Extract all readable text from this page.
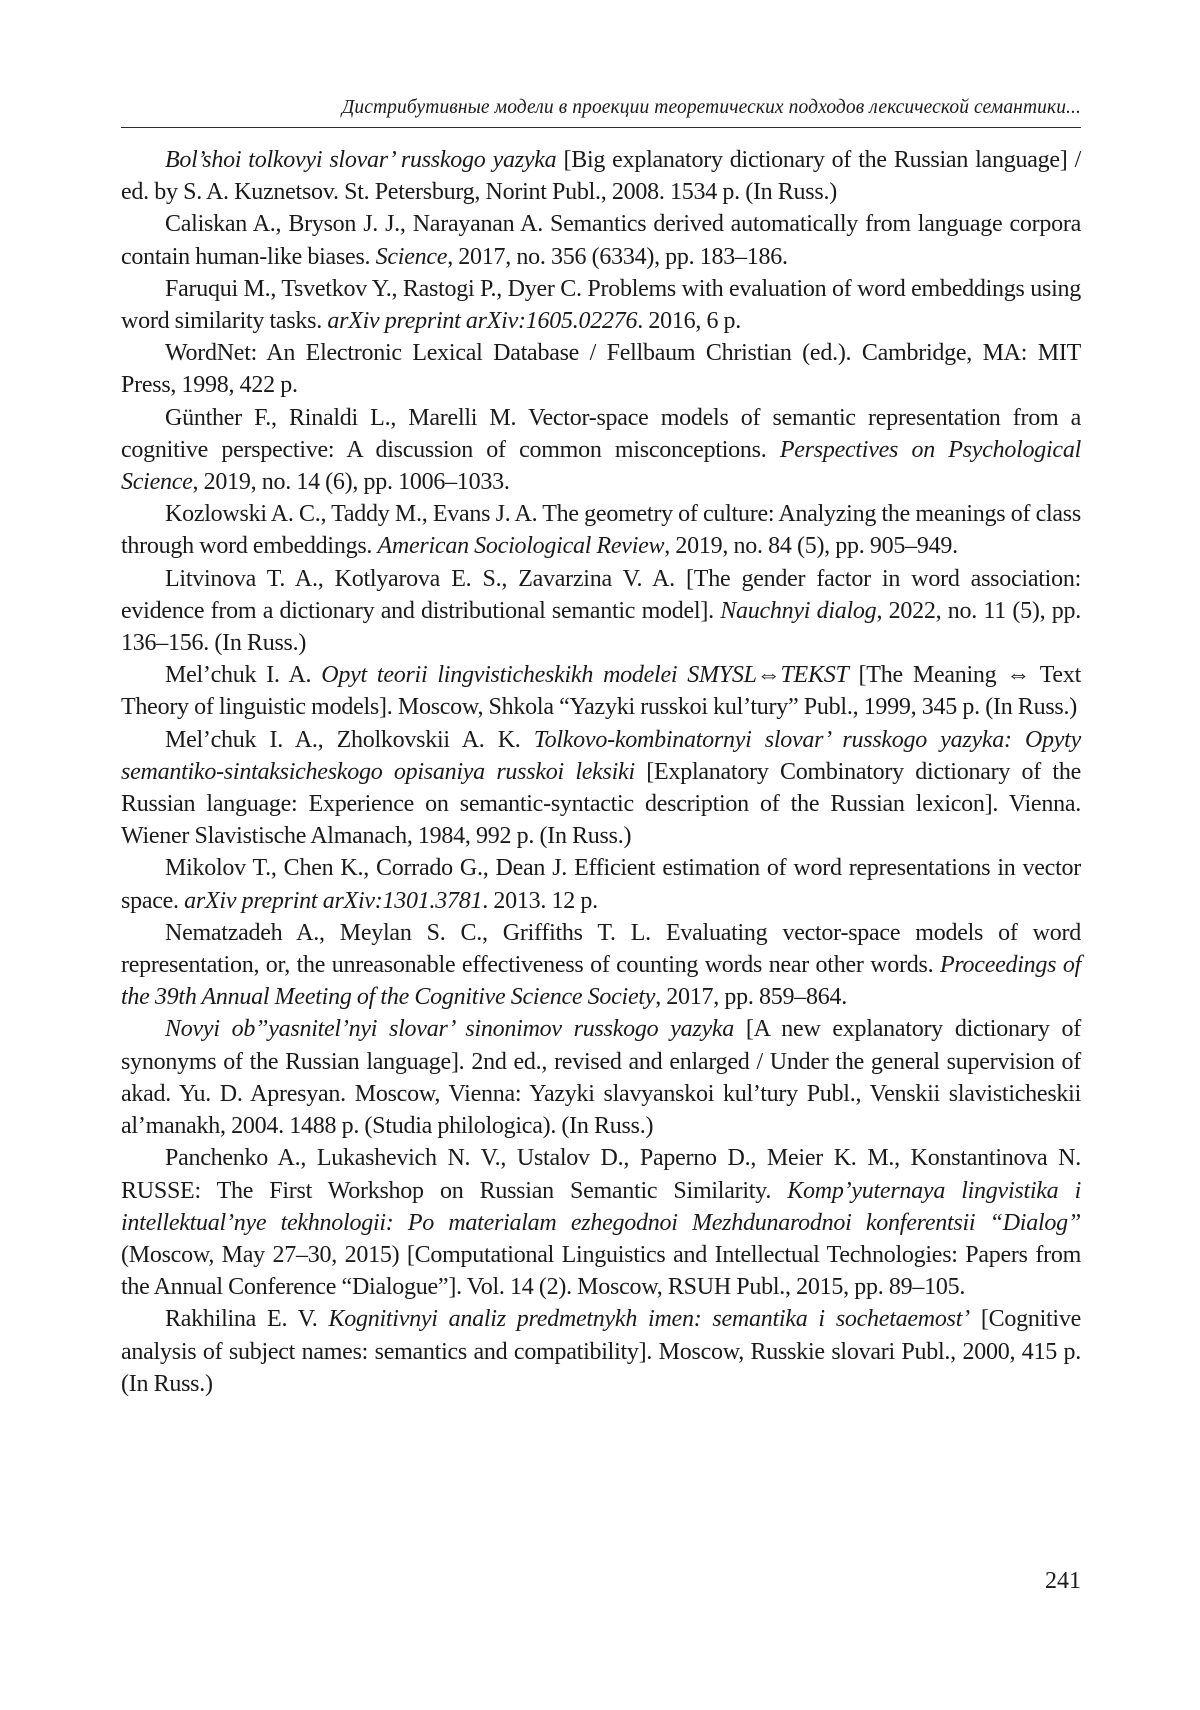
Дистрибутивные модели в проекции теоретических подходов лексической семантики...

Bol’shoi tolkovyi slovar’ russkogo yazyka [Big explanatory dictionary of the Russian language] / ed. by S. A. Kuznetsov. St. Petersburg, Norint Publ., 2008. 1534 p. (In Russ.)

Caliskan A., Bryson J. J., Narayanan A. Semantics derived automatically from language corpora contain human-like biases. Science, 2017, no. 356 (6334), pp. 183–186.

Faruqui M., Tsvetkov Y., Rastogi P., Dyer C. Problems with evaluation of word embeddings using word similarity tasks. arXiv preprint arXiv:1605.02276. 2016, 6 p.

WordNet: An Electronic Lexical Database / Fellbaum Christian (ed.). Cambridge, MA: MIT Press, 1998, 422 p.

Günther F., Rinaldi L., Marelli M. Vector-space models of semantic representation from a cognitive perspective: A discussion of common misconceptions. Perspectives on Psychological Science, 2019, no. 14 (6), pp. 1006–1033.

Kozlowski A. C., Taddy M., Evans J. A. The geometry of culture: Analyzing the meanings of class through word embeddings. American Sociological Review, 2019, no. 84 (5), pp. 905–949.

Litvinova T. A., Kotlyarova E. S., Zavarzina V. A. [The gender factor in word association: evidence from a dictionary and distributional semantic model]. Nauchnyi dialog, 2022, no. 11 (5), pp. 136–156. (In Russ.)

Mel’chuk I. A. Opyt teorii lingvisticheskikh modelei SMYSL⇔TEKST [The Meaning ⇔ Text Theory of linguistic models]. Moscow, Shkola “Yazyki russkoi kul’tury” Publ., 1999, 345 p. (In Russ.)

Mel’chuk I. A., Zholkovskii A. K. Tolkovo-kombinatornyi slovar’ russkogo yazyka: Opyty semantiko-sintaksicheskogo opisaniya russkoi leksiki [Explanatory Combinatory dictionary of the Russian language: Experience on semantic-syntactic description of the Russian lexicon]. Vienna. Wiener Slavistische Almanach, 1984, 992 p. (In Russ.)

Mikolov T., Chen K., Corrado G., Dean J. Efficient estimation of word representations in vector space. arXiv preprint arXiv:1301.3781. 2013. 12 p.

Nematzadeh A., Meylan S. C., Griffiths T. L. Evaluating vector-space models of word representation, or, the unreasonable effectiveness of counting words near other words. Proceedings of the 39th Annual Meeting of the Cognitive Science Society, 2017, pp. 859–864.

Novyi ob”yasnitel’nyi slovar’ sinonimov russkogo yazyka [A new explanatory dictionary of synonyms of the Russian language]. 2nd ed., revised and enlarged / Under the general supervision of akad. Yu. D. Apresyan. Moscow, Vienna: Yazyki slavyanskoi kul’tury Publ., Venskii slavisticheskii al’manakh, 2004. 1488 p. (Studia philologica). (In Russ.)

Panchenko A., Lukashevich N. V., Ustalov D., Paperno D., Meier K. M., Konstantinova N. RUSSE: The First Workshop on Russian Semantic Similarity. Komp’yuternaya lingvistika i intellektual’nye tekhnologii: Po materialam ezhegodnoi Mezhdunarodnoi konferentsii “Dialog” (Moscow, May 27–30, 2015) [Computational Linguistics and Intellectual Technologies: Papers from the Annual Conference “Dialogue”]. Vol. 14 (2). Moscow, RSUH Publ., 2015, pp. 89–105.

Rakhilina E. V. Kognitivnyi analiz predmetnykh imen: semantika i sochetaemost’ [Cognitive analysis of subject names: semantics and compatibility]. Moscow, Russkie slovari Publ., 2000, 415 p. (In Russ.)

241
